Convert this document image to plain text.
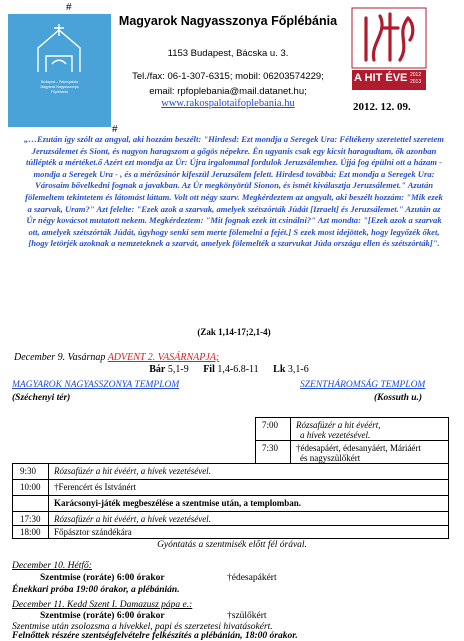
#
Budapest – Rákospalota
Magyarok Nagyasszonya
Főplébánia
#
Magyarok Nagyasszonya Főplébánia
1153 Budapest, Bácska u. 3.
Tel./fax: 06-1-307-6315; mobil: 06203574229;
email: rpfoplebania@mail.datanet.hu;
www.rakospalotaifoplebania.hu
A HIT ÉVE 2012
2013
2012. 12. 09.
„…Ezután így szólt az angyal, aki hozzám beszélt: "Hirdesd: Ezt mondja a Seregek Ura: Féltékeny szeretettel szeretem Jeruzsálemet és Siont, és nagyon haragszom a gőgös népekre. Én ugyanis csak egy kicsit haragudtam, ők azonban túllépték a mértéket.ő Azért ezt mondja az Úr: Újra irgalommal fordulok Jeruzsálemhez. Újjá fog épülni ott a házam - mondja a Seregek Ura - , és a mérőzsinór kifeszül Jeruzsálem felett. Hirdesd továbbá: Ezt mondja a Seregek Ura: Városaim bővelkedni fognak a javakban. Az Úr megkönyörül Sionon, és ismét kiválasztja Jeruzsálemet." Azután fölemeltem tekintetem és látomást láttam. Volt ott négy szarv. Megkérdeztem az angyalt, aki beszélt hozzám: "Mik ezek a szarvak, Uram?" Azt felelte: "Ezek azok a szarvak, amelyek szétszórták Júdát [Izraelt] és Jeruzsálemet." Azután az Úr négy kovácsot mutatott nekem. Megkérdeztem: "Mit fognak ezek itt csinálni?" Azt mondta: "[Ezek azok a szarvak ott, amelyek szétszórták Júdát, úgyhogy senki sem merte fölemelni a fejét.] S ezek most idejöttek, hogy legyőzék őket, [hogy letörjék azoknak a nemzeteknek a szarvát, amelyek fölemelték a szarvukat Júda országa ellen és szétszórták]".
(Zak 1,14-17;2,1-4)
December 9. Vasárnap ADVENT 2. VASÁRNAPJA;
Bár 5,1-9 Fil 1,4-6.8-11 Lk 3,1-6
MAGYAROK NAGYASSZONYA TEMPLOM	SZENTHÁROMSÁG TEMPLOM
(Széchenyi tér)	(Kossuth u.)
7:00 Rózsafüzér a hit évéért,
a hívek vezetésével.
7:30 †édesapáért, édesanyáért, Máriáért
és nagyszülőkért
9:30 Rózsafüzér a hit évéért, a hívek vezetésével.
10:00 †Ferencért és Istvánért
Karácsonyi-játék megbeszélése a szentmise után, a templomban.
Gyóntatás a szentmisék előtt fél órával.
17:30 Rózsafüzér a hit évéért, a hívek vezetésével.
18:00 Főpásztor szándékára
December 10. Hétfő:
Szentmise (roráte) 6:00 órakor	†édesapákért
Énekkari próba 19:00 órakor, a plébánián.
December 11. Kedd Szent I. Damazusz pápa e.:
Szentmise (roráte) 6:00 órakor	†szülőkért
Szentmise után zsolozsma a hívekkel, papi és szerzetesi hivatásokért.
Felnőttek részére szentségfelvételre felkészítés a plébánián, 18:00 órakor.
